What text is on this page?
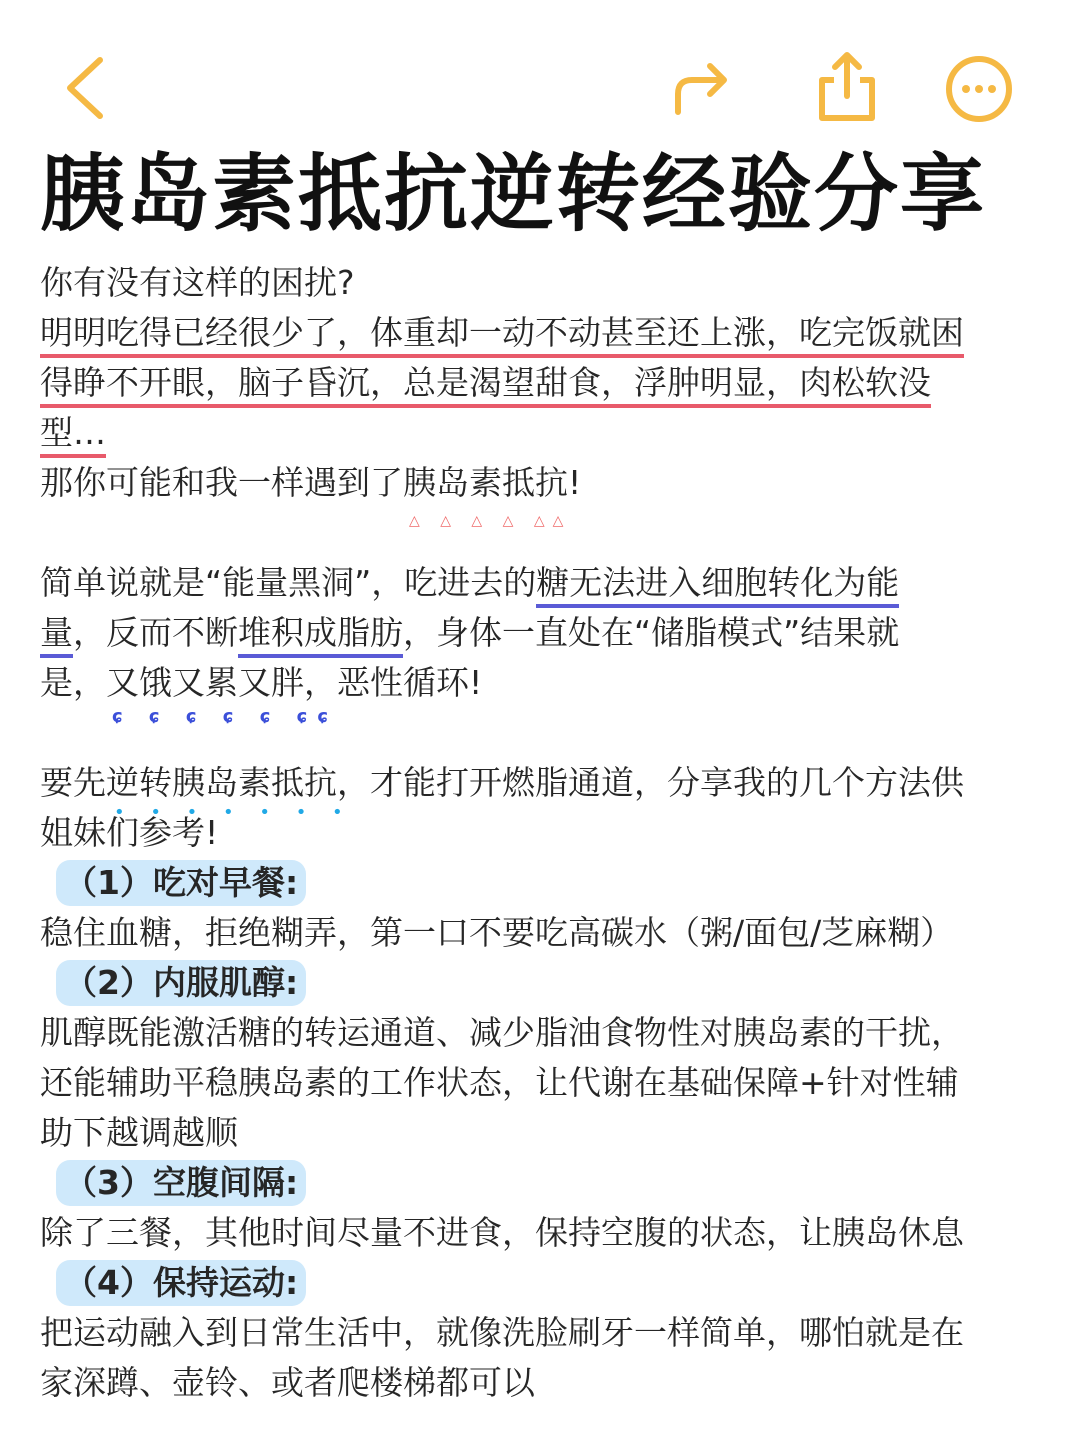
胰岛素抵抗逆转经验分享

你有没有这样的困扰?

明明吃得已经很少了，体重却一动不动甚至还上涨，吃完饭就困

得睁不开眼，脑子昏沉，总是渴望甜食，浮肿明显，肉松软没

型…

那你可能和我一样遇到了胰岛素抵抗 △ △ △ △ △△!

简单说就是“能量黑洞”，吃进去的糖无法进入细胞转化为能

量，反而不断堆积成脂肪，身体一直处在“储脂模式”结果就

是，又饿又累又胖 ɕ ɕ ɕ ɕ ɕ ɕɕ，恶性循环!

要先逆转胰岛素抵抗 • • •，才能打开燃脂通道，分享我的几个方法供

姐妹们参考!

（1）吃对早餐:

稳住血糖，拒绝糊弄，第一口不要吃高碳水（粥/面包/芝麻糊）

（2）内服肌醇:

肌醇既能激活糖的转运通道、减少脂油食物性对胰岛素的干扰，

还能辅助平稳胰岛素的工作状态，让代谢在基础保障+针对性辅

助下越调越顺

（3）空腹间隔:

除了三餐，其他时间尽量不进食，保持空腹的状态，让胰岛休息

（4）保持运动:

把运动融入到日常生活中，就像洗脸刷牙一样简单，哪怕就是在

家深蹲、壶铃、或者爬楼梯都可以
